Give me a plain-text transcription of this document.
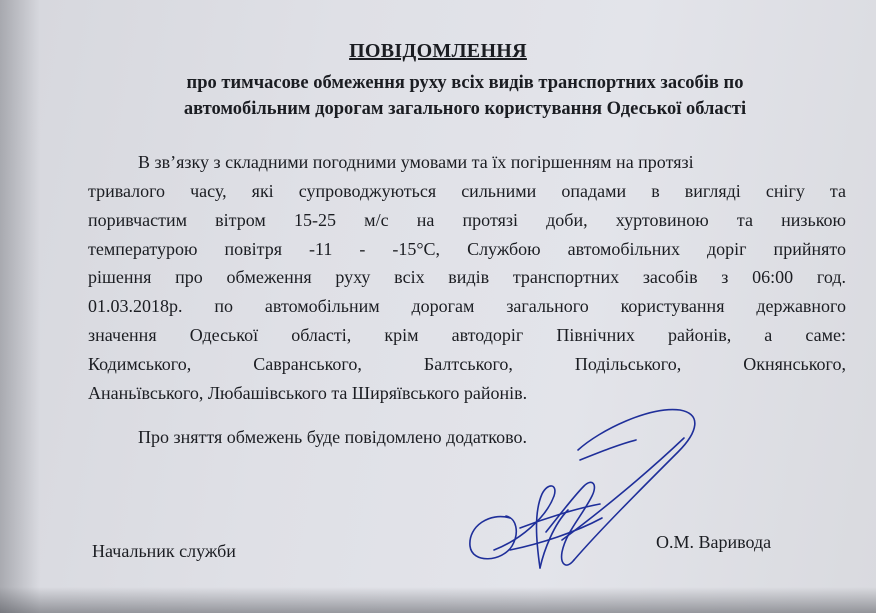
ПОВІДОМЛЕННЯ
про тимчасове обмеження руху всіх видів транспортних засобів по
автомобільним дорогам загального користування Одеської області
В зв’язку з складними погодними умовами та їх погіршенням на протязі
тривалого часу, які супроводжуються сильними опадами в вигляді снігу та
поривчастим вітром 15-25 м/с на протязі доби, хуртовиною та низькою
температурою повітря -11 - -15°С, Службою автомобільних доріг прийнято
рішення про обмеження руху всіх видів транспортних засобів з 06:00 год.
01.03.2018р. по автомобільним дорогам загального користування державного
значення Одеської області, крім автодоріг Північних районів, а саме:
Кодимського, Савранського, Балтського, Подільського, Окнянського,
Ананьївського, Любашівського та Ширяївського районів.
Про зняття обмежень буде повідомлено додатково.
Начальник служби	О.М. Варивода
